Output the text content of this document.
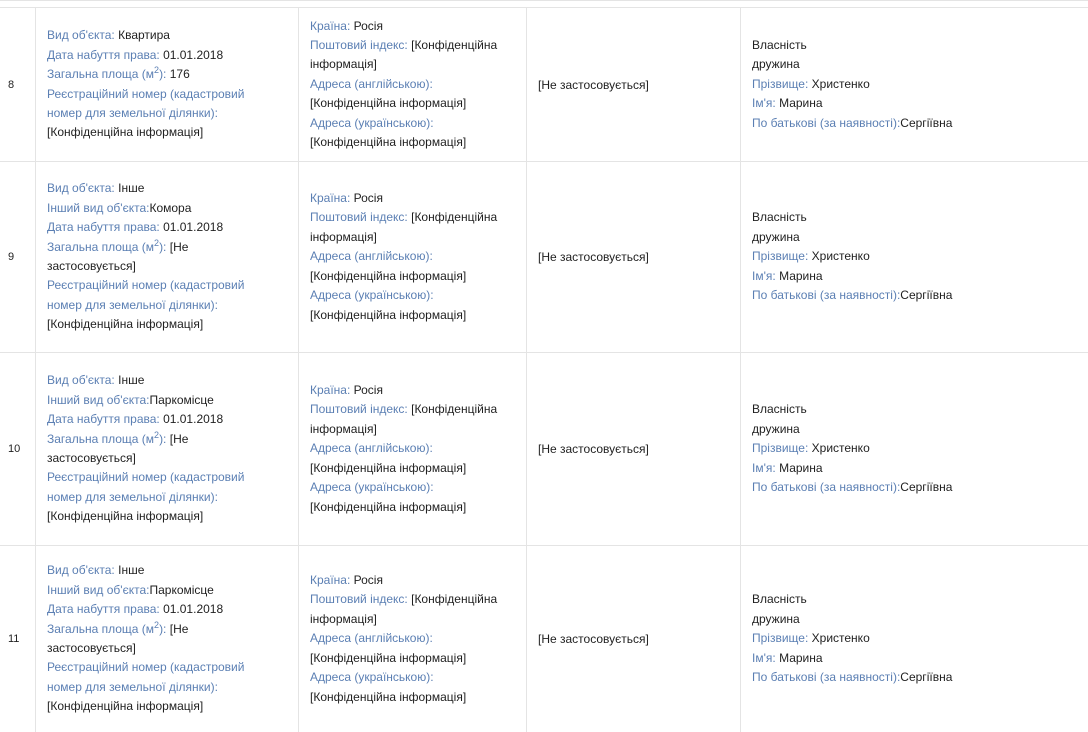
8
Вид об'єкта: Квартира
Дата набуття права: 01.01.2018
Загальна площа $(м^2)$: 176
Реєстраційний номер (кадастровий
номер для земельної ділянки):
[Конфіденційна інформація]
Країна: Росія
Поштовий індекс: [Конфіденційна
інформація]
Адреса (англійською):
[Конфіденційна інформація]
Адреса (українською):
[Конфіденційна інформація]
[Не застосовується]
Власність
дружина
Прізвище: Христенко
Ім'я: Марина
По батькові (за наявності):Сергіївна
9
Вид об'єкта: Інше
Інший вид об'єкта:Комора
Дата набуття права: 01.01.2018
Загальна площа $(м^2)$: [Не
застосовується]
Реєстраційний номер (кадастровий
номер для земельної ділянки):
[Конфіденційна інформація]
Країна: Росія
Поштовий індекс: [Конфіденційна
інформація]
Адреса (англійською):
[Конфіденційна інформація]
Адреса (українською):
[Конфіденційна інформація]
[Не застосовується]
Власність
дружина
Прізвище: Христенко
Ім'я: Марина
По батькові (за наявності):Сергіївна
10
Вид об'єкта: Інше
Інший вид об'єкта:Паркомісце
Дата набуття права: 01.01.2018
Загальна площа $(м^2)$: [Не
застосовується]
Реєстраційний номер (кадастровий
номер для земельної ділянки):
[Конфіденційна інформація]
Країна: Росія
Поштовий індекс: [Конфіденційна
інформація]
Адреса (англійською):
[Конфіденційна інформація]
Адреса (українською):
[Конфіденційна інформація]
[Не застосовується]
Власність
дружина
Прізвище: Христенко
Ім'я: Марина
По батькові (за наявності):Сергіївна
11
Вид об'єкта: Інше
Інший вид об'єкта:Паркомісце
Дата набуття права: 01.01.2018
Загальна площа $(м^2)$: [Не
застосовується]
Реєстраційний номер (кадастровий
номер для земельної ділянки):
[Конфіденційна інформація]
Країна: Росія
Поштовий індекс: [Конфіденційна
інформація]
Адреса (англійською):
[Конфіденційна інформація]
Адреса (українською):
[Конфіденційна інформація]
[Не застосовується]
Власність
дружина
Прізвище: Христенко
Ім'я: Марина
По батькові (за наявності):Сергіївна
